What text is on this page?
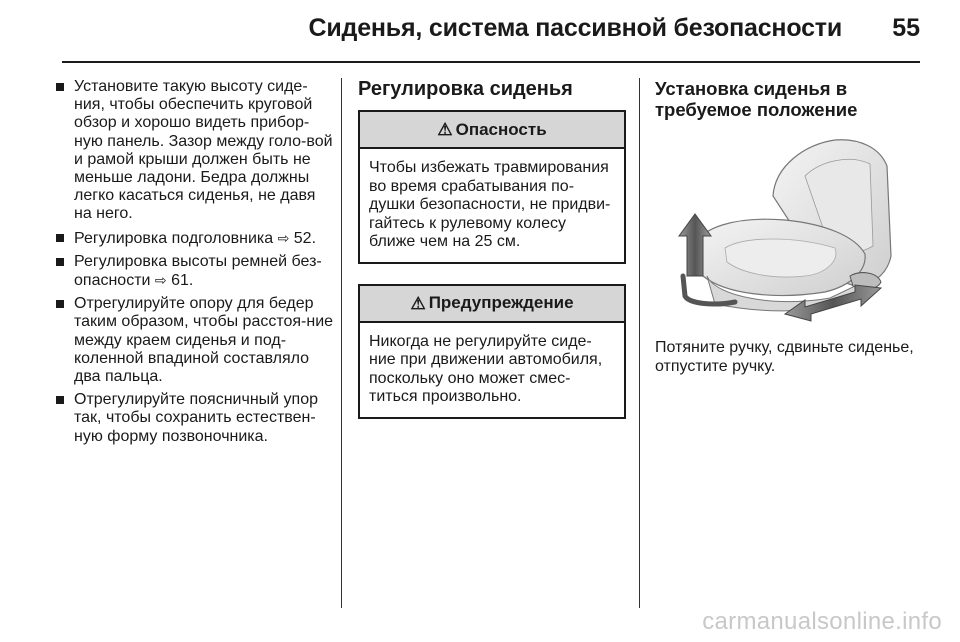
Сиденья, система пассивной безопасности 55
Установите такую высоту сиде-ния, чтобы обеспечить круговой обзор и хорошо видеть прибор-ную панель. Зазор между голо-вой и рамой крыши должен быть не меньше ладони. Бедра должны легко касаться сиденья, не давя на него.
Регулировка подголовника ⇨ 52.
Регулировка высоты ремней без-опасности ⇨ 61.
Отрегулируйте опору для бедер таким образом, чтобы расстоя-ние между краем сиденья и под-коленной впадиной составляло два пальца.
Отрегулируйте поясничный упор так, чтобы сохранить естествен-ную форму позвоночника.
Регулировка сиденья
⚠ Опасность
Чтобы избежать травмирования во время срабатывания по-душки безопасности, не придви-гайтесь к рулевому колесу ближе чем на 25 см.
⚠ Предупреждение
Никогда не регулируйте сиде-ние при движении автомобиля, поскольку оно может смес-титься произвольно.
Установка сиденья в требуемое положение
Потяните ручку, сдвиньте сиденье, отпустите ручку.
carmanualsonline.info
